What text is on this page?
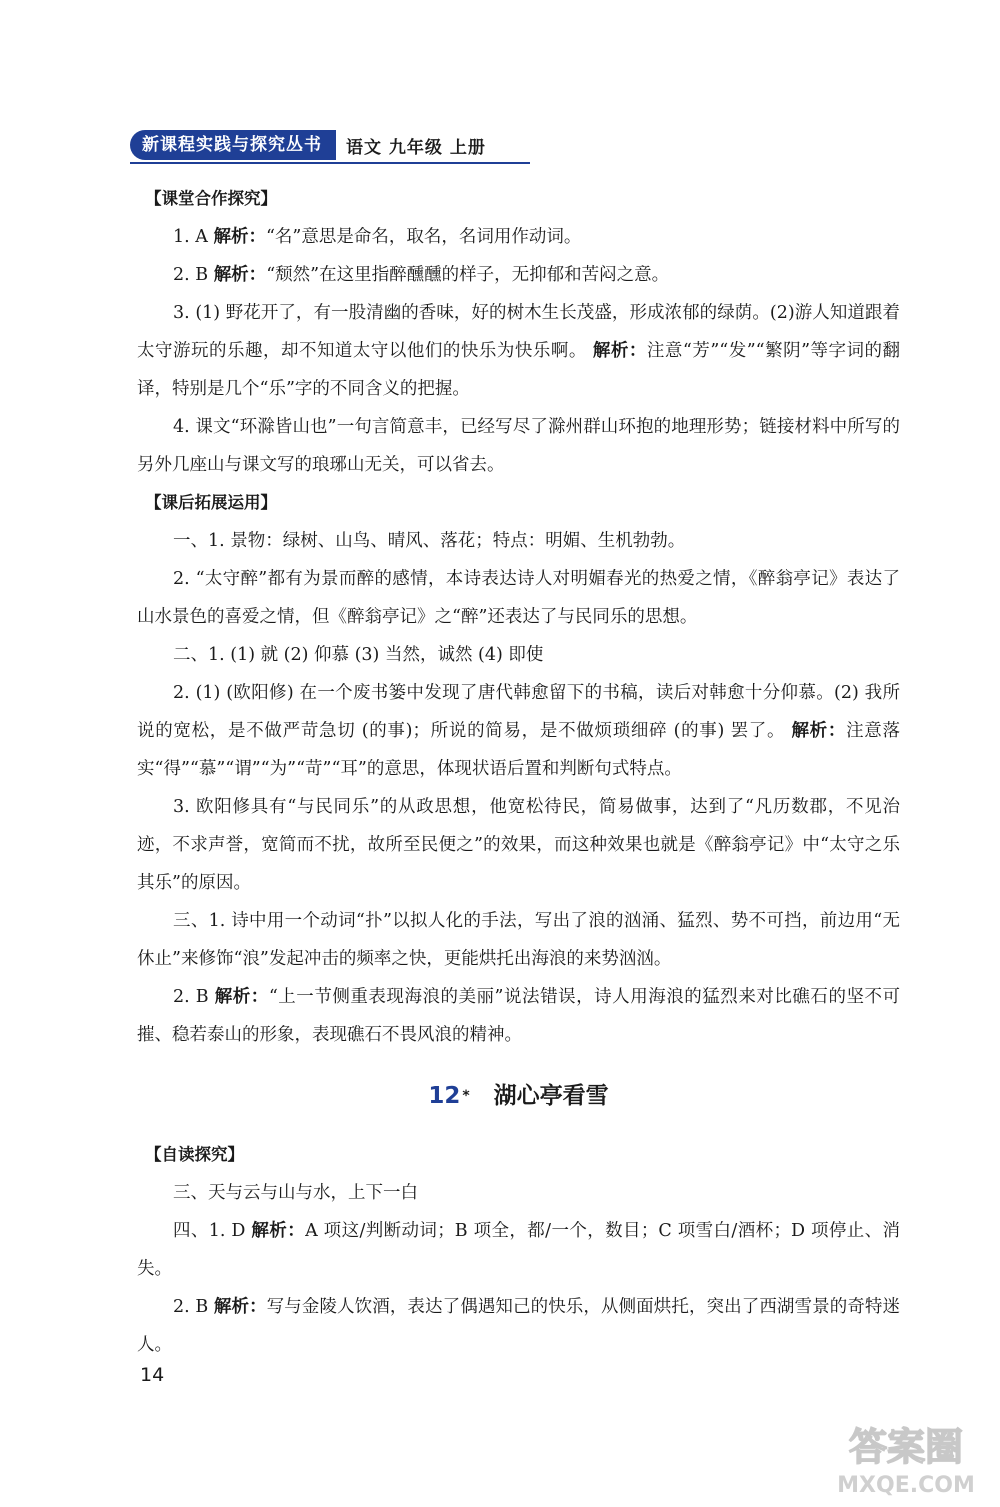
新课程实践与探究丛书	语文 九年级 上册
【课堂合作探究】

1. A 解析：“名”意思是命名，取名，名词用作动词。

2. B 解析：“颓然”在这里指醉醺醺的样子，无抑郁和苦闷之意。

3. (1) 野花开了，有一股清幽的香味，好的树木生长茂盛，形成浓郁的绿荫。(2)游人知道跟着太守游玩的乐趣，却不知道太守以他们的快乐为快乐啊。 解析：注意“芳”“发”“繁阴”等字词的翻译，特别是几个“乐”字的不同含义的把握。

4. 课文“环滁皆山也”一句言简意丰，已经写尽了滁州群山环抱的地理形势；链接材料中所写的另外几座山与课文写的琅琊山无关，可以省去。

【课后拓展运用】

一、1. 景物：绿树、山鸟、晴风、落花；特点：明媚、生机勃勃。

2. “太守醉”都有为景而醉的感情，本诗表达诗人对明媚春光的热爱之情，《醉翁亭记》表达了山水景色的喜爱之情，但《醉翁亭记》之“醉”还表达了与民同乐的思想。

二、1. (1) 就 (2) 仰慕 (3) 当然，诚然 (4) 即使

2. (1) (欧阳修) 在一个废书篓中发现了唐代韩愈留下的书稿，读后对韩愈十分仰慕。(2) 我所说的宽松，是不做严苛急切 (的事)；所说的简易，是不做烦琐细碎 (的事) 罢了。 解析：注意落实“得”“慕”“谓”“为”“苛”“耳”的意思，体现状语后置和判断句式特点。

3. 欧阳修具有“与民同乐”的从政思想，他宽松待民，简易做事，达到了“凡历数郡，不见治迹，不求声誉，宽简而不扰，故所至民便之”的效果，而这种效果也就是《醉翁亭记》中“太守之乐其乐”的原因。

三、1. 诗中用一个动词“扑”以拟人化的手法，写出了浪的汹涌、猛烈、势不可挡，前边用“无休止”来修饰“浪”发起冲击的频率之快，更能烘托出海浪的来势汹汹。

2. B 解析：“上一节侧重表现海浪的美丽”说法错误，诗人用海浪的猛烈来对比礁石的坚不可摧、稳若泰山的形象，表现礁石不畏风浪的精神。

12 * 湖心亭看雪
【自读探究】

三、天与云与山与水，上下一白

四、1. D 解析：A 项这/判断动词；B 项全，都/一个，数目；C 项雪白/酒杯；D 项停止、消失。

2. B 解析：写与金陵人饮酒，表达了偶遇知己的快乐，从侧面烘托，突出了西湖雪景的奇特迷人。

14
答案圈
MXQE.COM
